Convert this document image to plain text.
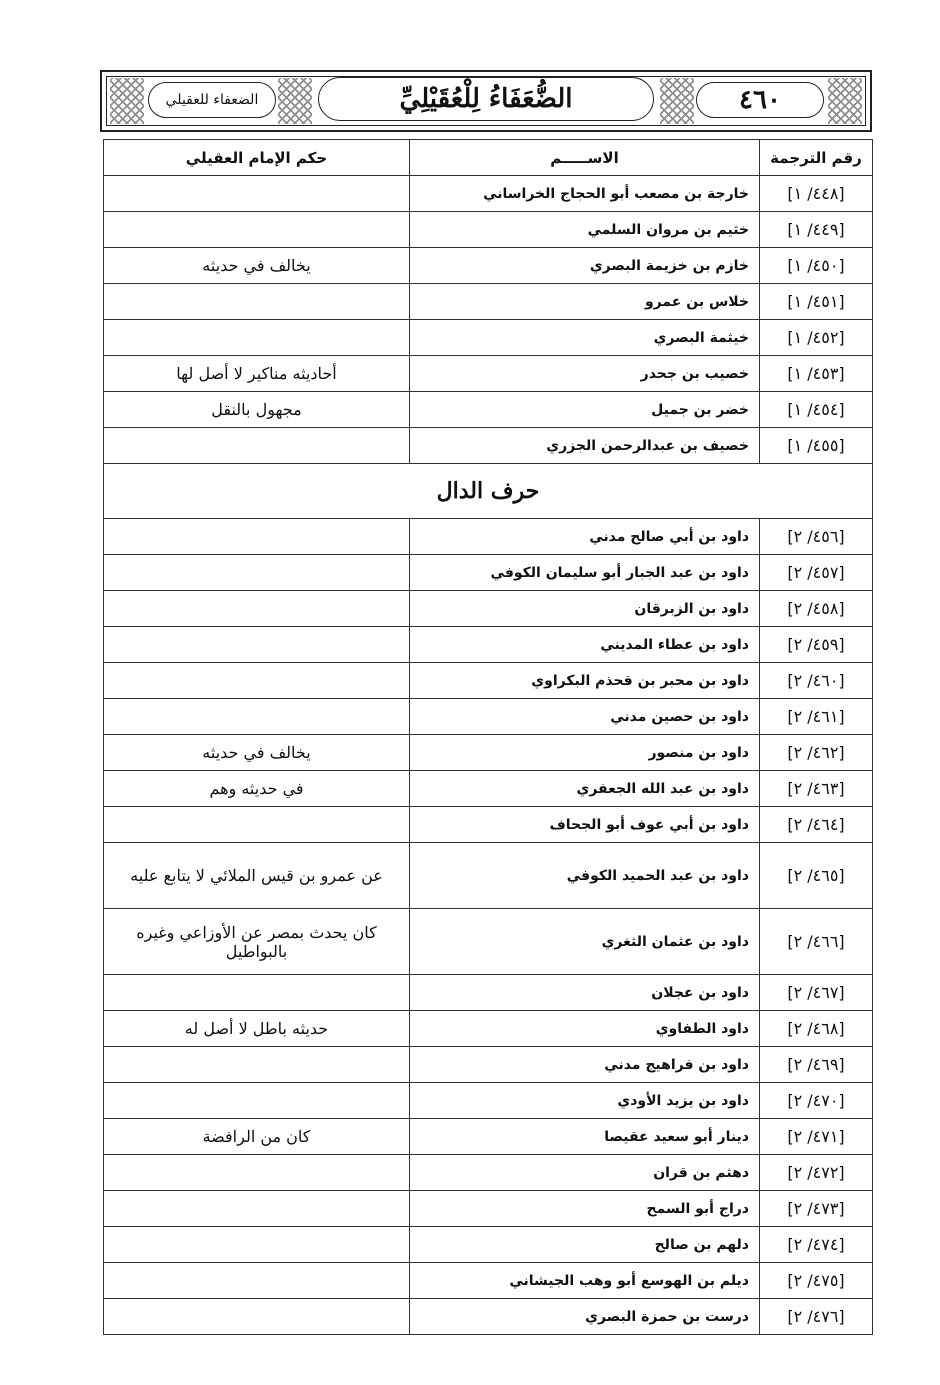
الضعفاء للعقيلي	الضُّعَفَاءُ لِلْعُقَيْلِيِّ	٤٦٠
رقم الترجمة	الاســـــم	حكم الإمام العقيلي
[٤٤٨/ ١]	خارجة بن مصعب أبو الحجاج الخراساني	
[٤٤٩/ ١]	خثيم بن مروان السلمي	
[٤٥٠/ ١]	خازم بن خزيمة البصري	يخالف في حديثه
[٤٥١/ ١]	خلاس بن عمرو	
[٤٥٢/ ١]	خيثمة البصري	
[٤٥٣/ ١]	خصيب بن جحدر	أحاديثه مناكير لا أصل لها
[٤٥٤/ ١]	خضر بن جميل	مجهول بالنقل
[٤٥٥/ ١]	خصيف بن عبدالرحمن الجزري	
حرف الدال		
[٤٥٦/ ٢]	داود بن أبي صالح مدني	
[٤٥٧/ ٢]	داود بن عبد الجبار أبو سليمان الكوفي	
[٤٥٨/ ٢]	داود بن الزبرقان	
[٤٥٩/ ٢]	داود بن عطاء المديني	
[٤٦٠/ ٢]	داود بن محبر بن قحذم البكراوي	
[٤٦١/ ٢]	داود بن حصين مدني	
[٤٦٢/ ٢]	داود بن منصور	يخالف في حديثه
[٤٦٣/ ٢]	داود بن عبد الله الجعفري	في حديثه وهم
[٤٦٤/ ٢]	داود بن أبي عوف أبو الجحاف	
[٤٦٥/ ٢]	داود بن عبد الحميد الكوفي	عن عمرو بن قيس الملائي لا يتابع عليه
[٤٦٦/ ٢]	داود بن عثمان الثغري	كان يحدث بمصر عن الأوزاعي وغيره بالبواطيل
[٤٦٧/ ٢]	داود بن عجلان	
[٤٦٨/ ٢]	داود الطفاوي	حديثه باطل لا أصل له
[٤٦٩/ ٢]	داود بن فراهيج مدني	
[٤٧٠/ ٢]	داود بن يزيد الأودي	
[٤٧١/ ٢]	دينار أبو سعيد عقيصا	كان من الرافضة
[٤٧٢/ ٢]	دهثم بن قران	
[٤٧٣/ ٢]	دراج أبو السمح	
[٤٧٤/ ٢]	دلهم بن صالح	
[٤٧٥/ ٢]	ديلم بن الهوسع أبو وهب الجيشاني	
[٤٧٦/ ٢]	درست بن حمزة البصري	
